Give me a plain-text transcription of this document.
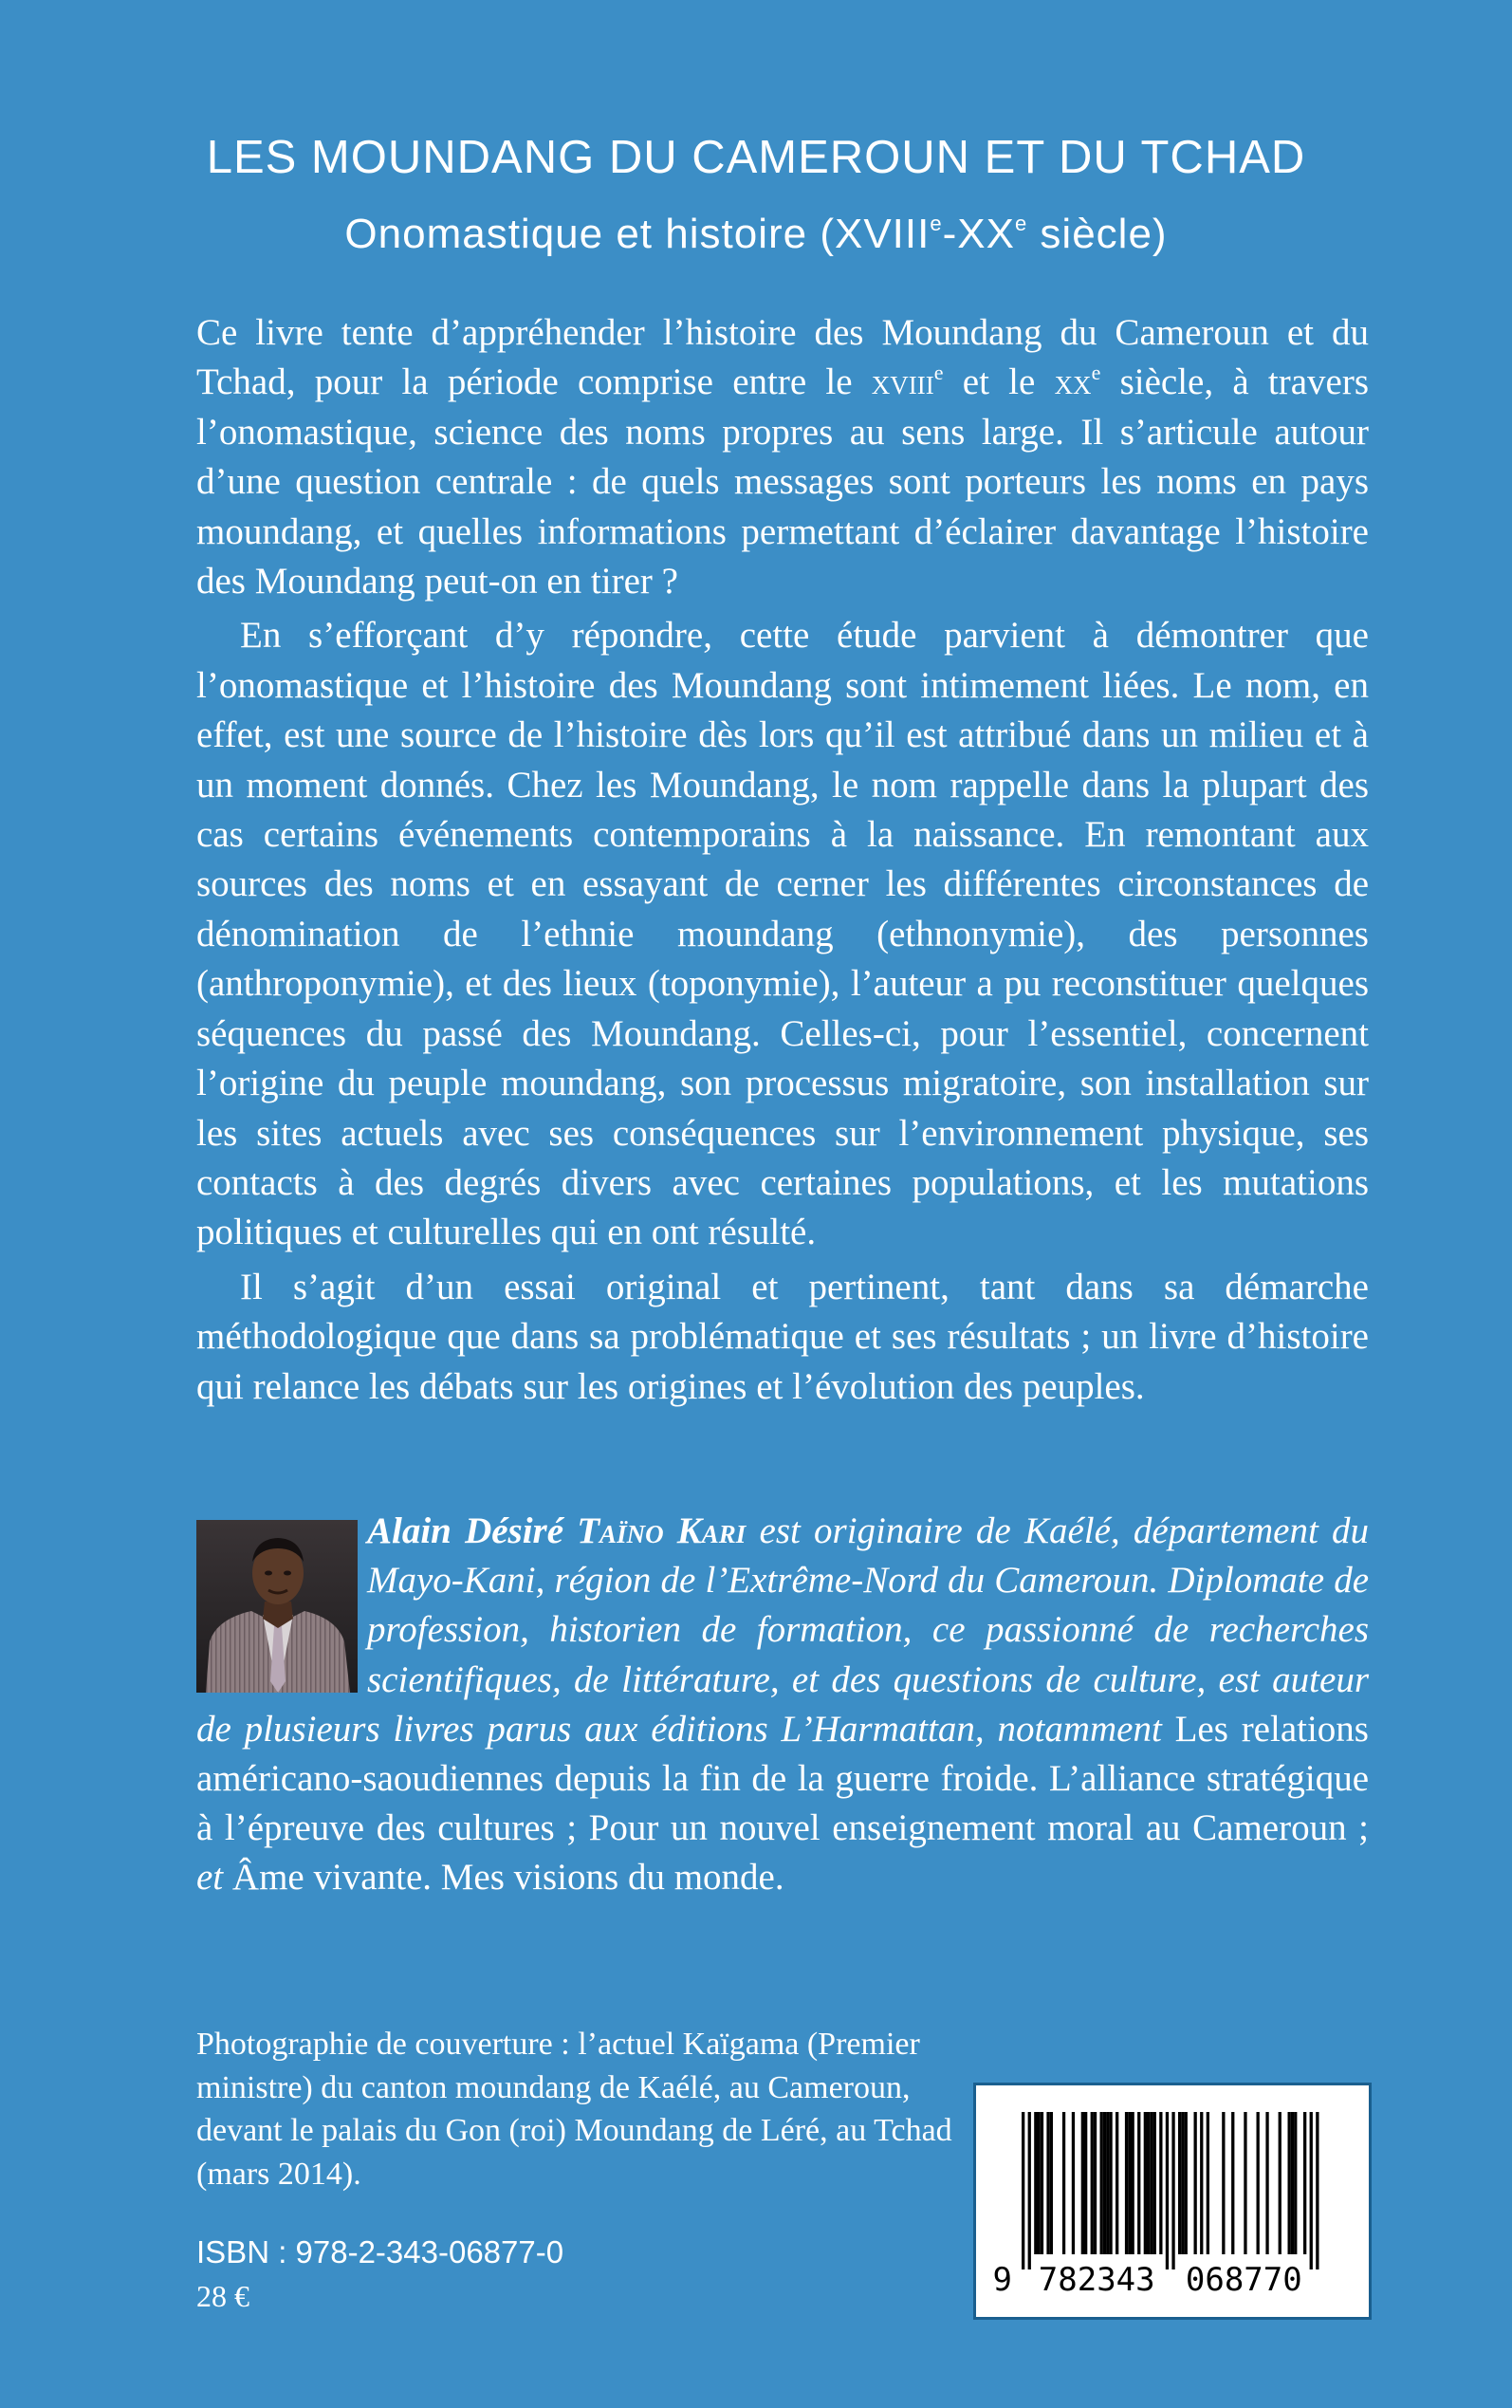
LES MOUNDANG DU CAMEROUN ET DU TCHAD
Onomastique et histoire (XVIIIe-XXe siècle)

Ce livre tente d’appréhender l’histoire des Moundang du Cameroun et du Tchad, pour la période comprise entre le xviii$^e$ et le $xx^e$ siècle, à travers l’onomastique, science des noms propres au sens large. Il s’articule autour d’une question centrale : de quels messages sont porteurs les noms en pays moundang, et quelles informations permettant d’éclairer davantage l’histoire des Moundang peut-on en tirer ?

En s’efforçant d’y répondre, cette étude parvient à démontrer que l’onomastique et l’histoire des Moundang sont intimement liées. Le nom, en effet, est une source de l’histoire dès lors qu’il est attribué dans un milieu et à un moment donnés. Chez les Moundang, le nom rappelle dans la plupart des cas certains événements contemporains à la naissance. En remontant aux sources des noms et en essayant de cerner les différentes circonstances de dénomination de l’ethnie moundang (ethnonymie), des personnes (anthroponymie), et des lieux (toponymie), l’auteur a pu reconstituer quelques séquences du passé des Moundang. Celles-ci, pour l’essentiel, concernent l’origine du peuple moundang, son processus migratoire, son installation sur les sites actuels avec ses conséquences sur l’environnement physique, ses contacts à des degrés divers avec certaines populations, et les mutations politiques et culturelles qui en ont résulté.

Il s’agit d’un essai original et pertinent, tant dans sa démarche méthodologique que dans sa problématique et ses résultats ; un livre d’histoire qui relance les débats sur les origines et l’évolution des peuples.

Alain Désiré Taïno Kari est originaire de Kaélé, département du Mayo-Kani, région de l’Extrême-Nord du Cameroun. Diplomate de profession, historien de formation, ce passionné de recherches scientifiques, de littérature, et des questions de culture, est auteur de plusieurs livres parus aux éditions L’Harmattan, notamment Les relations américano-saoudiennes depuis la fin de la guerre froide. L’alliance stratégique à l’épreuve des cultures ; Pour un nouvel enseignement moral au Cameroun ; et Âme vivante. Mes visions du monde.
Photographie de couverture : l’actuel Kaïgama (Premier ministre) du canton moundang de Kaélé, au Cameroun, devant le palais du Gon (roi) Moundang de Léré, au Tchad (mars 2014).
ISBN : 978-2-343-06877-0
28 €	9 782343 068770
